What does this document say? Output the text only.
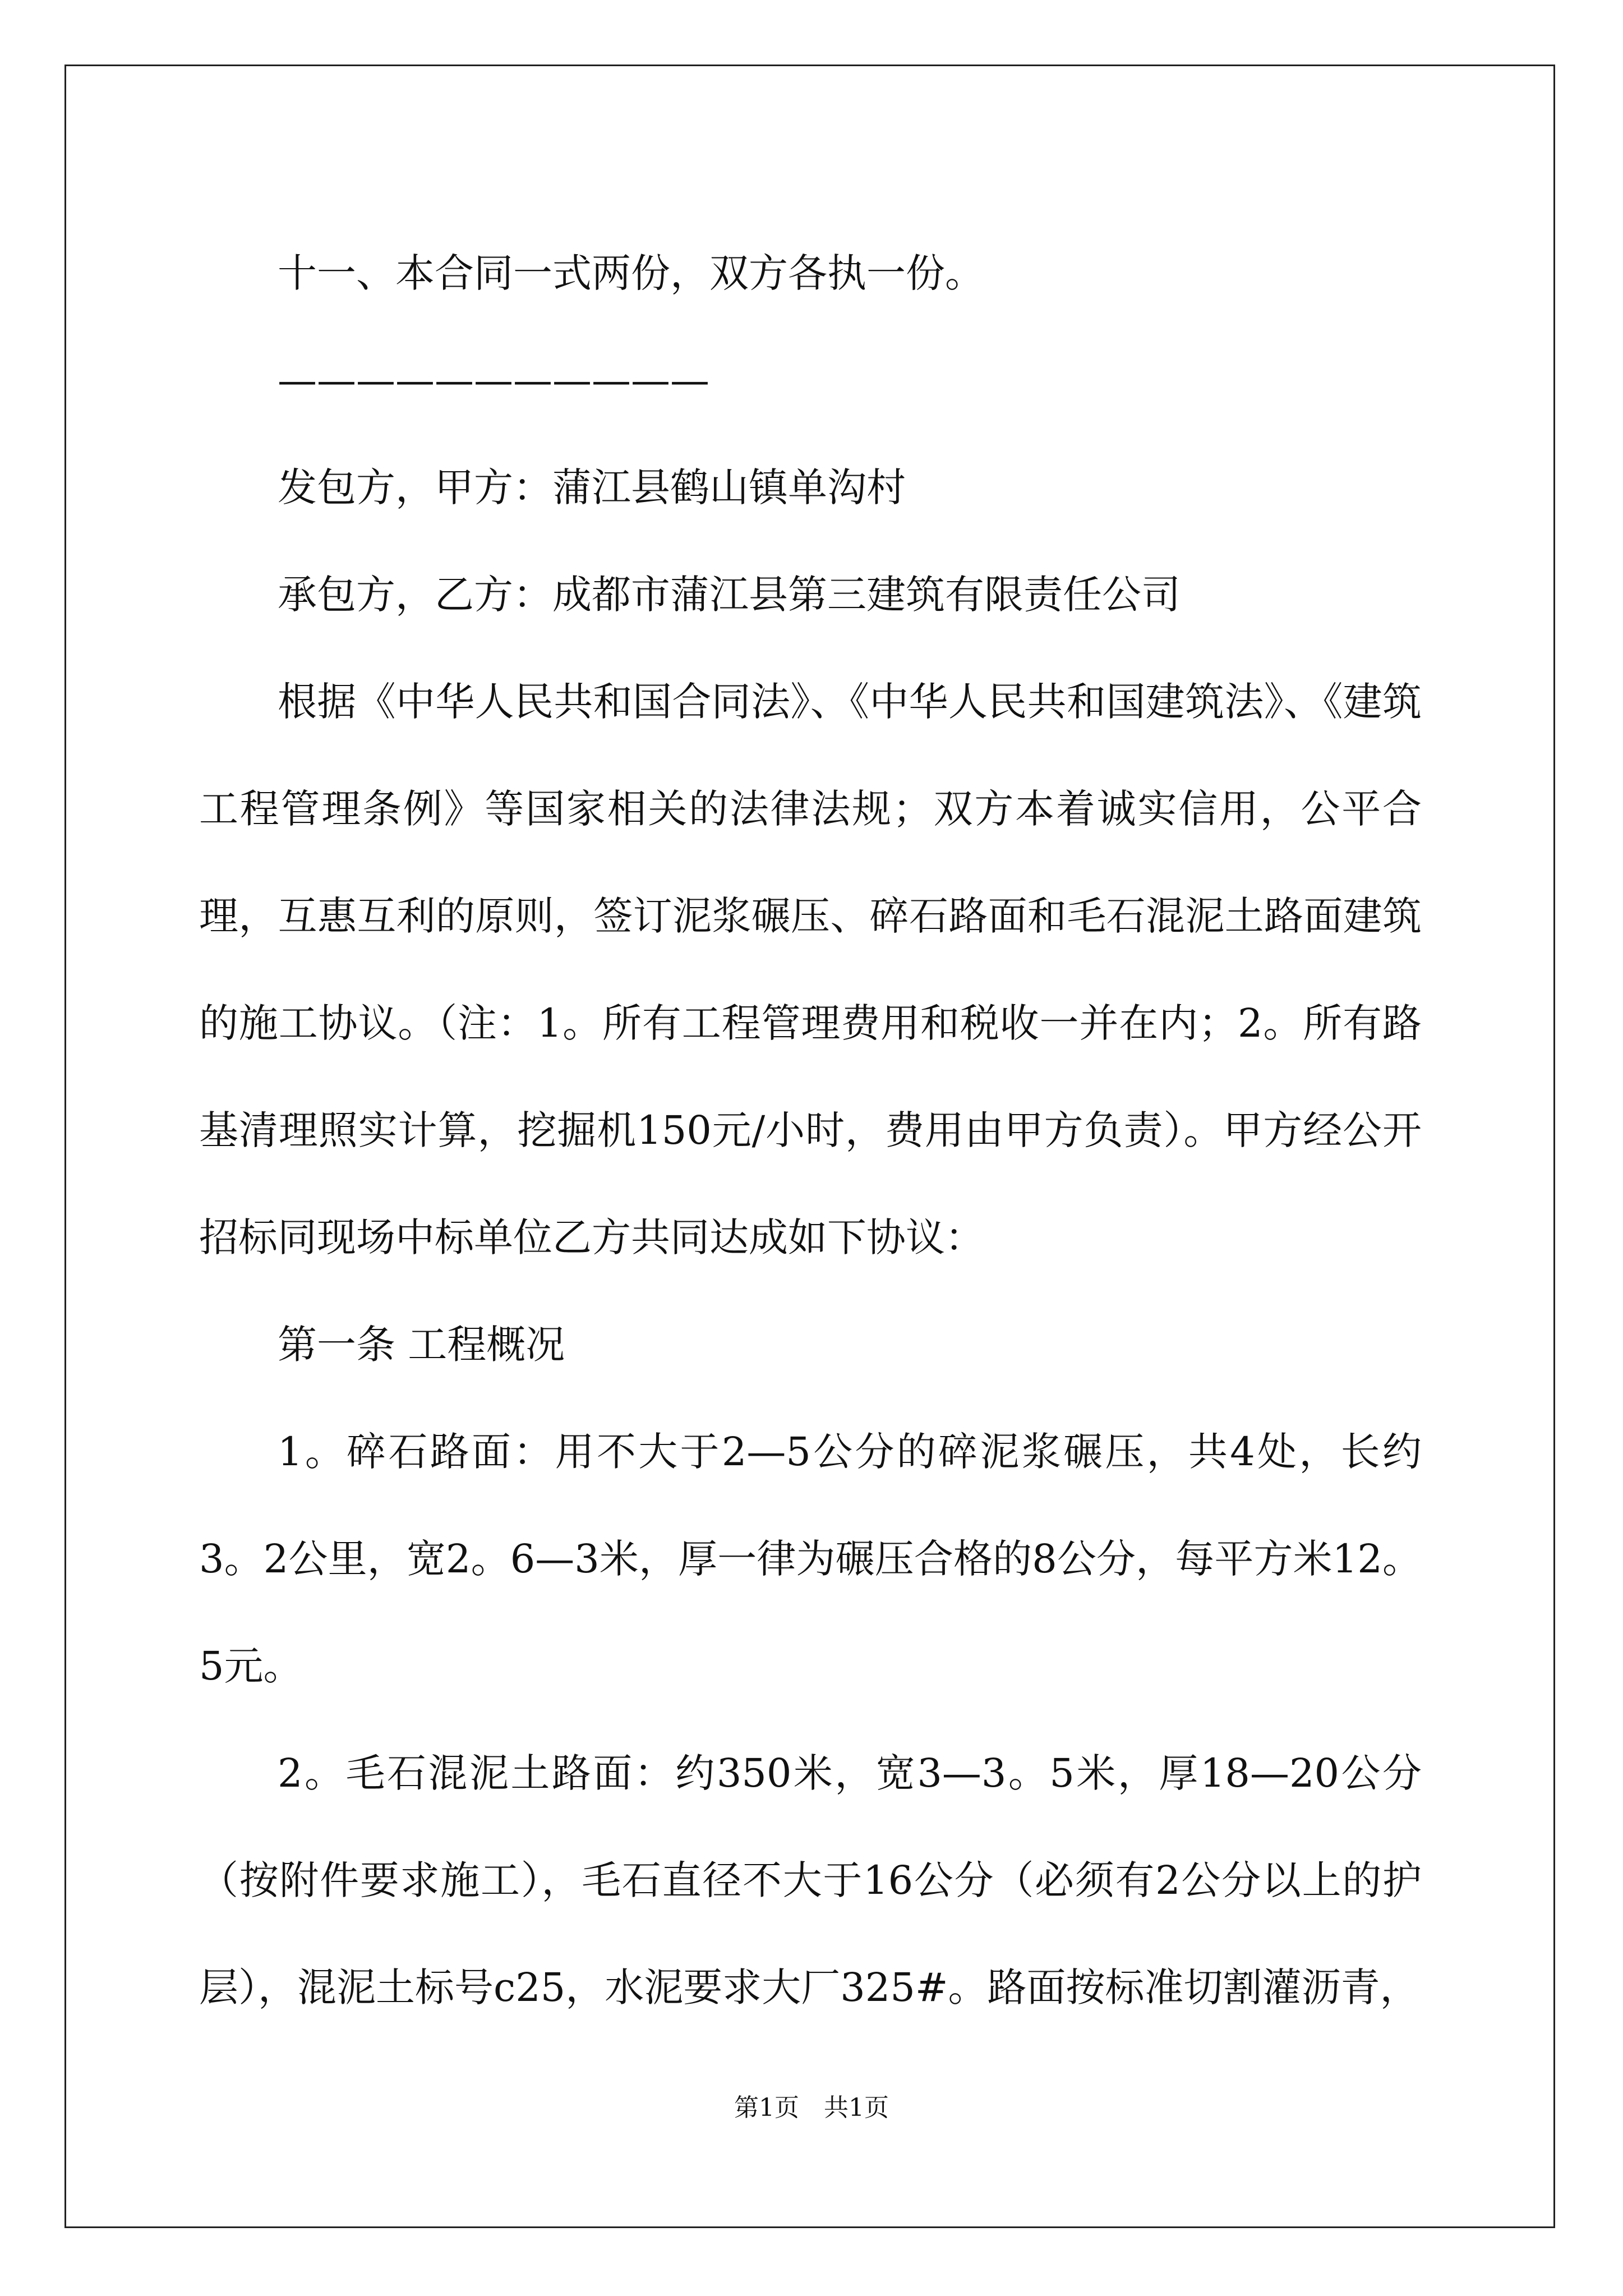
十一、本合同一式两份，双方各执一份。

———————————

发包方，甲方：蒲江县鹤山镇单沟村

承包方，乙方：成都市蒲江县第三建筑有限责任公司

根据《中华人民共和国合同法》、《中华人民共和国建筑法》、《建筑工程管理条例》等国家相关的法律法规；双方本着诚实信用，公平合理，互惠互利的原则，签订泥浆碾压、碎石路面和毛石混泥土路面建筑的施工协议。（注：1。所有工程管理费用和税收一并在内；2。所有路基清理照实计算，挖掘机150元/小时，费用由甲方负责）。甲方经公开招标同现场中标单位乙方共同达成如下协议：

第一条 工程概况

1。碎石路面：用不大于2—5公分的碎泥浆碾压，共4处，长约3。2公里，宽2。6—3米，厚一律为碾压合格的8公分，每平方米12。5元。

2。毛石混泥土路面：约350米，宽3—3。5米，厚18—20公分（按附件要求施工），毛石直径不大于16公分（必须有2公分以上的护层），混泥土标号c25，水泥要求大厂325#。路面按标准切割灌沥青，

第1页　共1页
